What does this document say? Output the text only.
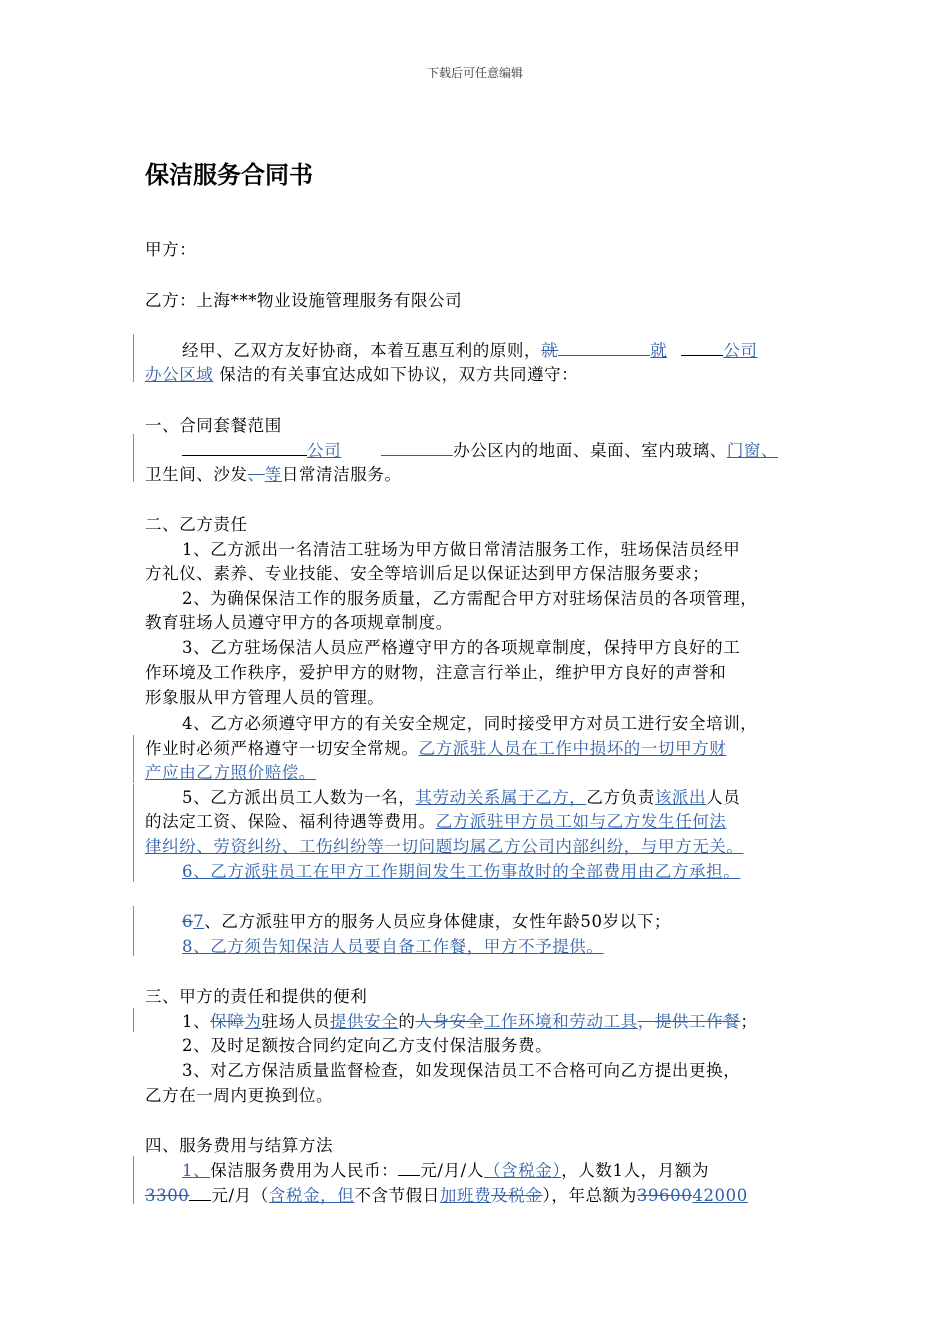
下载后可任意编辑
保洁服务合同书
甲方：
乙方：上海***物业设施管理服务有限公司
经甲、乙双方友好协商，本着互惠互利的原则，就	就	公司
办公区域 保洁的有关事宜达成如下协议，双方共同遵守：
一、合同套餐范围
公司	办公区内的地面、桌面、室内玻璃、门窗、
卫生间、沙发、等日常清洁服务。
二、乙方责任
1、乙方派出一名清洁工驻场为甲方做日常清洁服务工作，驻场保洁员经甲
方礼仪、素养、专业技能、安全等培训后足以保证达到甲方保洁服务要求；
2、为确保保洁工作的服务质量，乙方需配合甲方对驻场保洁员的各项管理，
教育驻场人员遵守甲方的各项规章制度。
3、乙方驻场保洁人员应严格遵守甲方的各项规章制度，保持甲方良好的工
作环境及工作秩序，爱护甲方的财物，注意言行举止，维护甲方良好的声誉和
形象服从甲方管理人员的管理。
4、乙方必须遵守甲方的有关安全规定，同时接受甲方对员工进行安全培训，
作业时必须严格遵守一切安全常规。乙方派驻人员在工作中损坏的一切甲方财
产应由乙方照价赔偿。
5、乙方派出员工人数为一名，其劳动关系属于乙方，乙方负责该派出人员
的法定工资、保险、福利待遇等费用。乙方派驻甲方员工如与乙方发生任何法
律纠纷、劳资纠纷、工伤纠纷等一切问题均属乙方公司内部纠纷，与甲方无关。
6、乙方派驻员工在甲方工作期间发生工伤事故时的全部费用由乙方承担。
67、乙方派驻甲方的服务人员应身体健康，女性年龄50岁以下；
8、乙方须告知保洁人员要自备工作餐，甲方不予提供。
三、甲方的责任和提供的便利
1、保障为驻场人员提供安全的人身安全工作环境和劳动工具，提供工作餐；
2、及时足额按合同约定向乙方支付保洁服务费。
3、对乙方保洁质量监督检查，如发现保洁员工不合格可向乙方提出更换，
乙方在一周内更换到位。
四、服务费用与结算方法
1、保洁服务费用为人民币： 元/月/人（含税金），人数1人，月额为
3300 元/月（含税金，但不含节假日加班费及税金），年总额为3960042000
